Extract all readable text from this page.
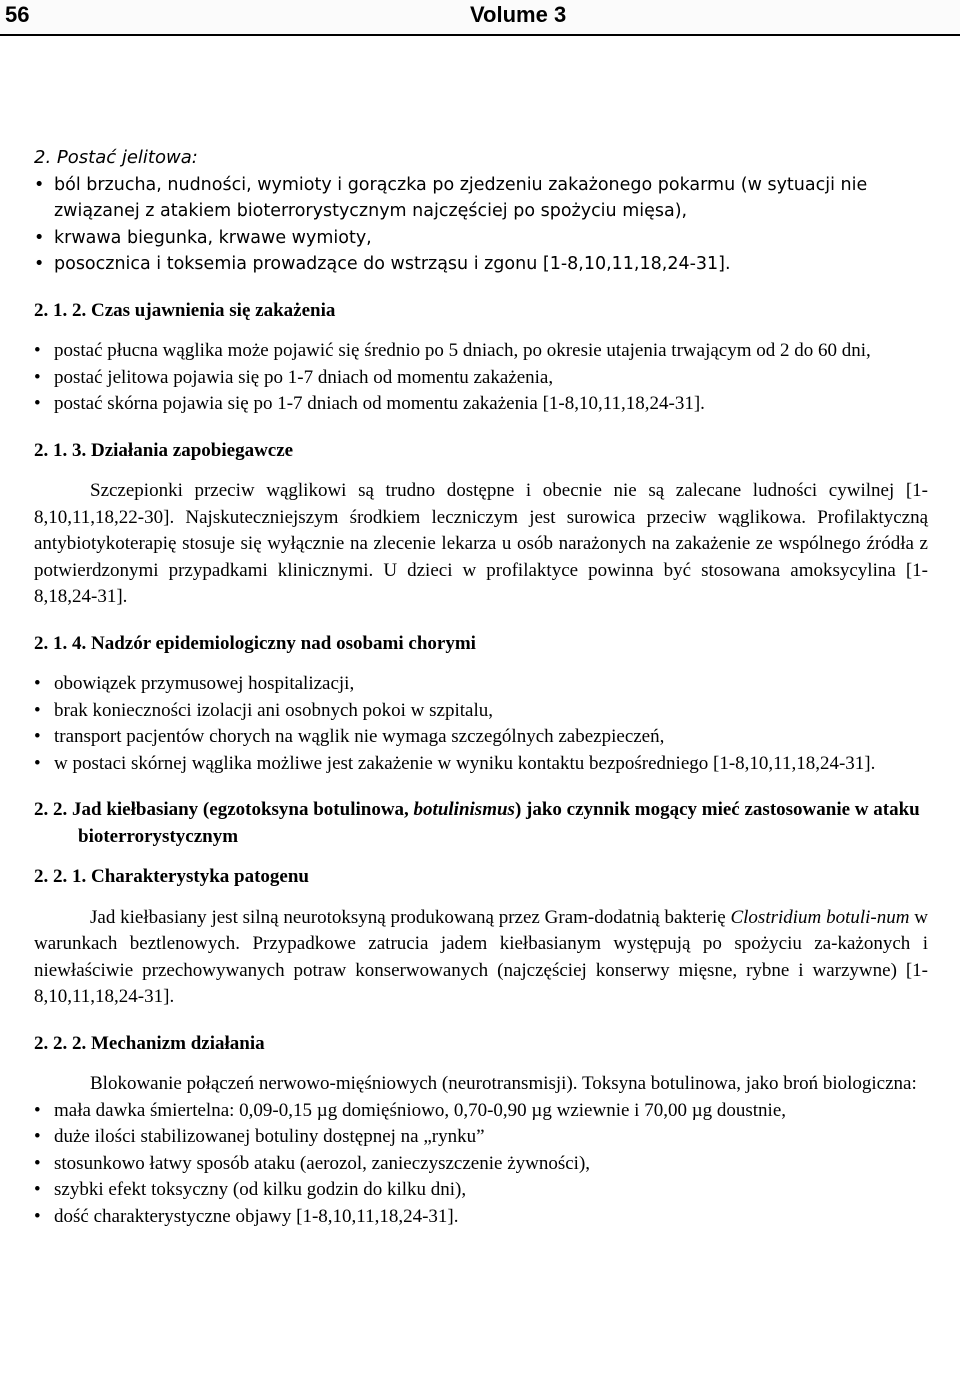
56	Volume 3

2. Postać jelitowa:

• ból brzucha, nudności, wymioty i gorączka po zjedzeniu zakażonego pokarmu (w sytuacji nie związanej z atakiem bioterrorystycznym najczęściej po spożyciu mięsa),
• krwawa biegunka, krwawe wymioty,
• posocznica i toksemia prowadzące do wstrząsu i zgonu [1-8,10,11,18,24-31].

2. 1. 2. Czas ujawnienia się zakażenia

• postać płucna wąglika może pojawić się średnio po 5 dniach, po okresie utajenia trwającym od 2 do 60 dni,
• postać jelitowa pojawia się po 1-7 dniach od momentu zakażenia,
• postać skórna pojawia się po 1-7 dniach od momentu zakażenia [1-8,10,11,18,24-31].

2. 1. 3. Działania zapobiegawcze

Szczepionki przeciw wąglikowi są trudno dostępne i obecnie nie są zalecane ludności cywilnej [1-8,10,11,18,22-30]. Najskuteczniejszym środkiem leczniczym jest surowica przeciw wąglikowa. Profilaktyczną antybiotykoterapię stosuje się wyłącznie na zlecenie lekarza u osób narażonych na zakażenie ze wspólnego źródła z potwierdzonymi przypadkami klinicznymi. U dzieci w profilaktyce powinna być stosowana amoksycylina [1-8,18,24-31].

2. 1. 4. Nadzór epidemiologiczny nad osobami chorymi

• obowiązek przymusowej hospitalizacji,
• brak konieczności izolacji ani osobnych pokoi w szpitalu,
• transport pacjentów chorych na wąglik nie wymaga szczególnych zabezpieczeń,
• w postaci skórnej wąglika możliwe jest zakażenie w wyniku kontaktu bezpośredniego [1-8,10,11,18,24-31].

2. 2. Jad kiełbasiany (egzotoksyna botulinowa, botulinismus) jako czynnik mogący mieć zastosowanie w ataku bioterrorystycznym

2. 2. 1. Charakterystyka patogenu

Jad kiełbasiany jest silną neurotoksyną produkowaną przez Gram-dodatnią bakterię Clostridium botuli-num w warunkach beztlenowych. Przypadkowe zatrucia jadem kiełbasianym występują po spożyciu za-każonych i niewłaściwie przechowywanych potraw konserwowanych (najczęściej konserwy mięsne, rybne i warzywne) [1-8,10,11,18,24-31].

2. 2. 2. Mechanizm działania

Blokowanie połączeń nerwowo-mięśniowych (neurotransmisji). Toksyna botulinowa, jako broń biologiczna:

• mała dawka śmiertelna: 0,09-0,15 µg domięśniowo, 0,70-0,90 µg wziewnie i 70,00 µg doustnie,
• duże ilości stabilizowanej botuliny dostępnej na „rynku”
• stosunkowo łatwy sposób ataku (aerozol, zanieczyszczenie żywności),
• szybki efekt toksyczny (od kilku godzin do kilku dni),
• dość charakterystyczne objawy [1-8,10,11,18,24-31].
